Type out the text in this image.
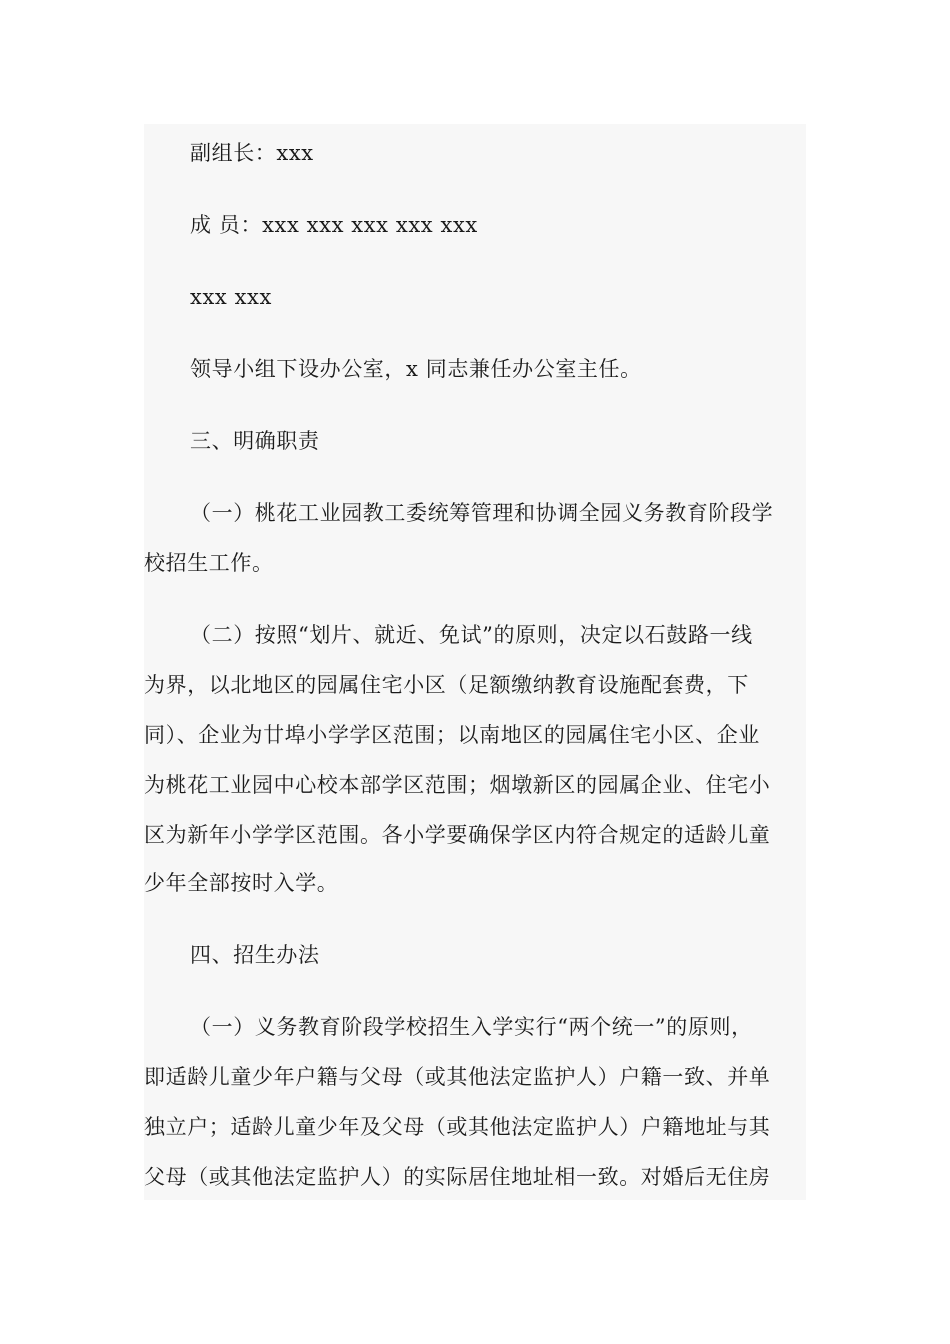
副组长：xxx
成 员：xxx xxx xxx xxx xxx
xxx xxx
领导小组下设办公室，x 同志兼任办公室主任。
三、明确职责
（一）桃花工业园教工委统筹管理和协调全园义务教育阶段学
校招生工作。
（二）按照“划片、就近、免试”的原则，决定以石鼓路一线
为界，以北地区的园属住宅小区（足额缴纳教育设施配套费，下
同）、企业为廿埠小学学区范围；以南地区的园属住宅小区、企业
为桃花工业园中心校本部学区范围；烟墩新区的园属企业、住宅小
区为新年小学学区范围。各小学要确保学区内符合规定的适龄儿童
少年全部按时入学。
四、招生办法
（一）义务教育阶段学校招生入学实行“两个统一”的原则，
即适龄儿童少年户籍与父母（或其他法定监护人）户籍一致、并单
独立户；适龄儿童少年及父母（或其他法定监护人）户籍地址与其
父母（或其他法定监护人）的实际居住地址相一致。对婚后无住房
